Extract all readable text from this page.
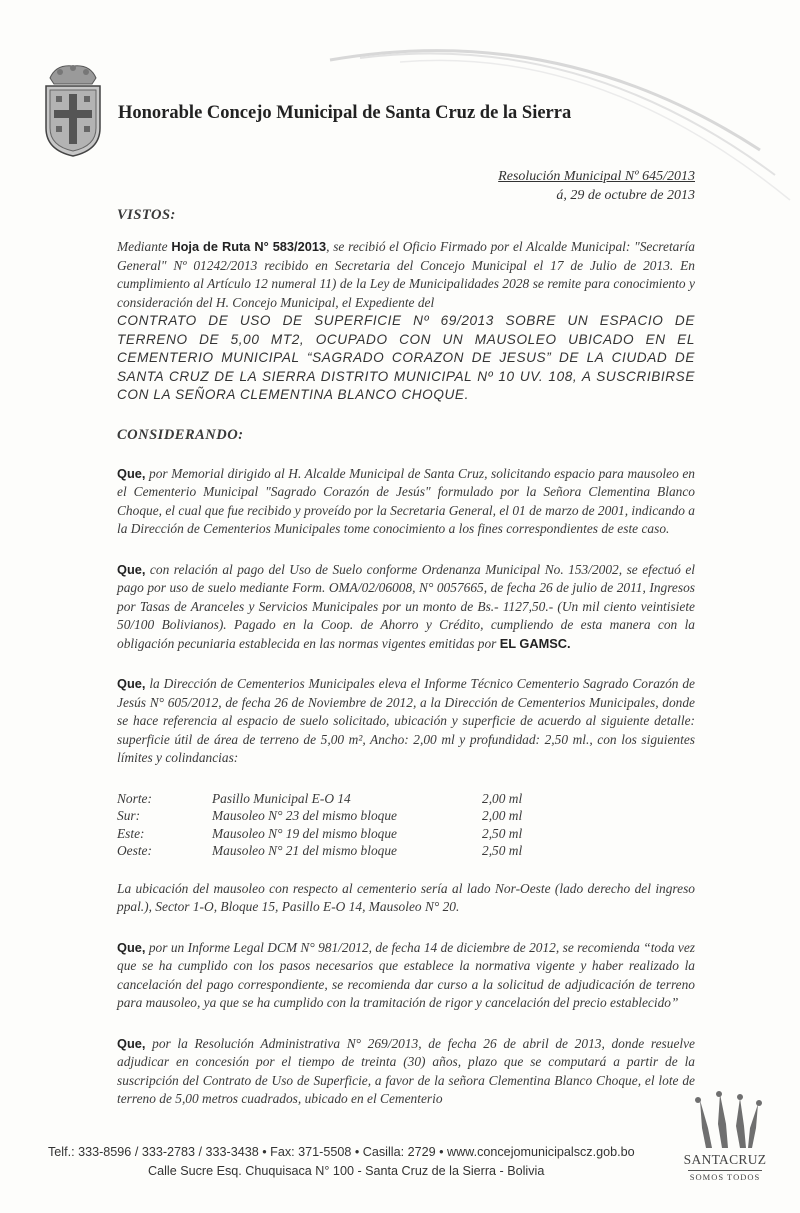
Honorable Concejo Municipal de Santa Cruz de la Sierra
Resolución Municipal Nº 645/2013
á, 29 de octubre de 2013
VISTOS:

Mediante Hoja de Ruta N° 583/2013, se recibió el Oficio Firmado por el Alcalde Municipal: "Secretaría General" Nº 01242/2013 recibido en Secretaria del Concejo Municipal el 17 de Julio de 2013. En cumplimiento al Artículo 12 numeral 11) de la Ley de Municipalidades 2028 se remite para conocimiento y consideración del H. Concejo Municipal, el Expediente del

CONTRATO DE USO DE SUPERFICIE Nº 69/2013 SOBRE UN ESPACIO DE TERRENO DE 5,00 MT2, OCUPADO CON UN MAUSOLEO UBICADO EN EL CEMENTERIO MUNICIPAL “SAGRADO CORAZON DE JESUS” DE LA CIUDAD DE SANTA CRUZ DE LA SIERRA DISTRITO MUNICIPAL Nº 10 UV. 108, A SUSCRIBIRSE CON LA SEÑORA CLEMENTINA BLANCO CHOQUE.

CONSIDERANDO:

Que, por Memorial dirigido al H. Alcalde Municipal de Santa Cruz, solicitando espacio para mausoleo en el Cementerio Municipal "Sagrado Corazón de Jesús" formulado por la Señora Clementina Blanco Choque, el cual que fue recibido y proveído por la Secretaria General, el 01 de marzo de 2001, indicando a la Dirección de Cementerios Municipales tome conocimiento a los fines correspondientes de este caso.

Que, con relación al pago del Uso de Suelo conforme Ordenanza Municipal No. 153/2002, se efectuó el pago por uso de suelo mediante Form. OMA/02/06008, N° 0057665, de fecha 26 de julio de 2011, Ingresos por Tasas de Aranceles y Servicios Municipales por un monto de Bs.- 1127,50.- (Un mil ciento veintisiete 50/100 Bolivianos). Pagado en la Coop. de Ahorro y Crédito, cumpliendo de esta manera con la obligación pecuniaria establecida en las normas vigentes emitidas por EL GAMSC.

Que, la Dirección de Cementerios Municipales eleva el Informe Técnico Cementerio Sagrado Corazón de Jesús N° 605/2012, de fecha 26 de Noviembre de 2012, a la Dirección de Cementerios Municipales, donde se hace referencia al espacio de suelo solicitado, ubicación y superficie de acuerdo al siguiente detalle: superficie útil de área de terreno de 5,00 m², Ancho: 2,00 ml y profundidad: 2,50 ml., con los siguientes límites y colindancias:

Norte:	Pasillo Municipal E-O 14	2,00 ml
Sur:	Mausoleo N° 23 del mismo bloque	2,00 ml
Este:	Mausoleo N° 19 del mismo bloque	2,50 ml
Oeste:	Mausoleo N° 21 del mismo bloque	2,50 ml

La ubicación del mausoleo con respecto al cementerio sería al lado Nor-Oeste (lado derecho del ingreso ppal.), Sector 1-O, Bloque 15, Pasillo E-O 14, Mausoleo N° 20.

Que, por un Informe Legal DCM N° 981/2012, de fecha 14 de diciembre de 2012, se recomienda “toda vez que se ha cumplido con los pasos necesarios que establece la normativa vigente y haber realizado la cancelación del pago correspondiente, se recomienda dar curso a la solicitud de adjudicación de terreno para mausoleo, ya que se ha cumplido con la tramitación de rigor y cancelación del precio establecido”

Que, por la Resolución Administrativa N° 269/2013, de fecha 26 de abril de 2013, donde resuelve adjudicar en concesión por el tiempo de treinta (30) años, plazo que se computará a partir de la suscripción del Contrato de Uso de Superficie, a favor de la señora Clementina Blanco Choque, el lote de terreno de 5,00 metros cuadrados, ubicado en el Cementerio

Telf.: 333-8596 / 333-2783 / 333-3438 • Fax: 371-5508 • Casilla: 2729 • www.concejomunicipalscz.gob.bo
Calle Sucre Esq. Chuquisaca N° 100 - Santa Cruz de la Sierra - Bolivia
SANTACRUZ
SOMOS TODOS
